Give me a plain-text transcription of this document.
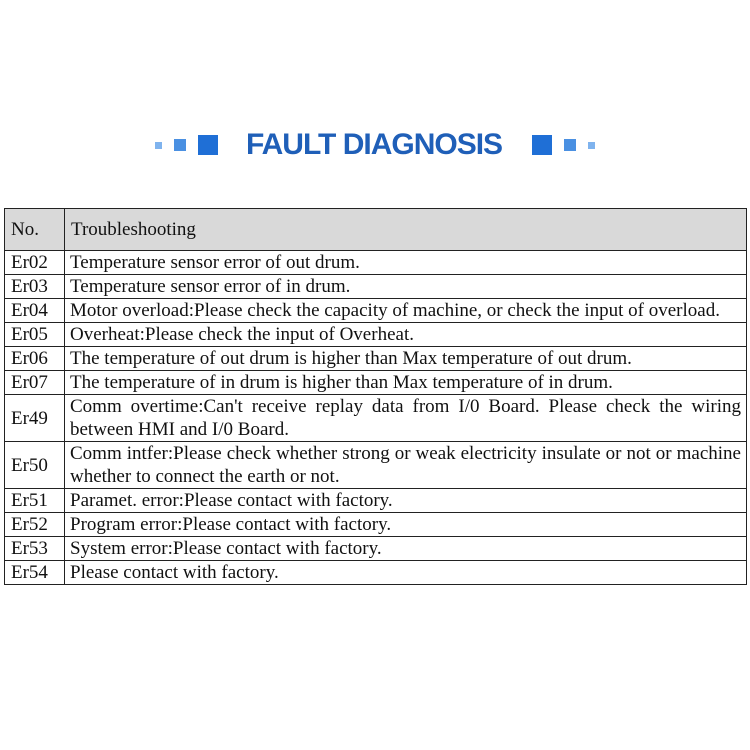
FAULT DIAGNOSIS
No.	Troubleshooting
Er02	Temperature sensor error of out drum.
Er03	Temperature sensor error of in drum.
Er04	Motor overload:Please check the capacity of machine, or check the input of overload.
Er05	Overheat:Please check the input of Overheat.
Er06	The temperature of out drum is higher than Max temperature of out drum.
Er07	The temperature of in drum is higher than Max temperature of in drum.
Er49	Comm overtime:Can't receive replay data from I/0 Board. Please check the wiring between HMI and I/0 Board.
Er50	Comm intfer:Please check whether strong or weak electricity insulate or not or machine whether to connect the earth or not.
Er51	Paramet. error:Please contact with factory.
Er52	Program error:Please contact with factory.
Er53	System error:Please contact with factory.
Er54	Please contact with factory.
